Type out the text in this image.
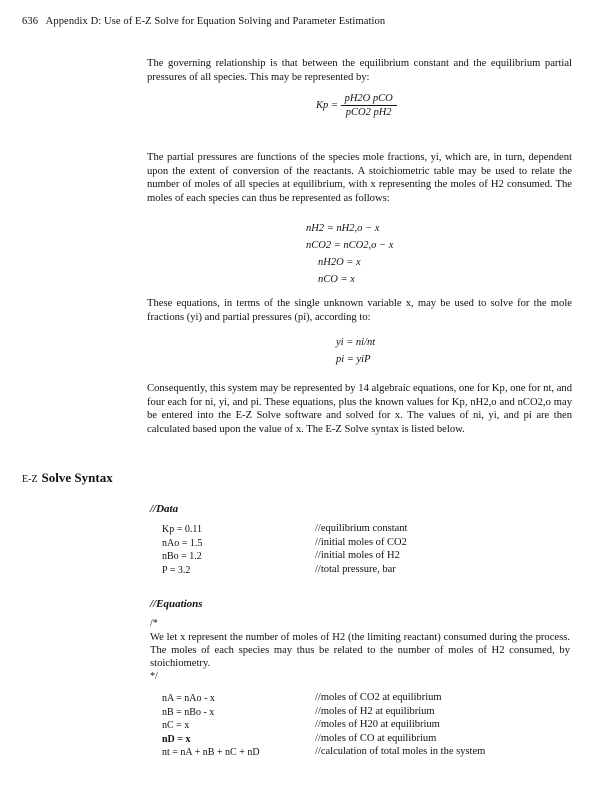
636 Appendix D: Use of E-Z Solve for Equation Solving and Parameter Estimation
The governing relationship is that between the equilibrium constant and the equilibrium partial pressures of all species. This may be represented by:
$Kp = \frac{\text{pH2O pCO}}{\text{pCO2 pH2}}$
The partial pressures are functions of the species mole fractions, yi, which are, in turn, dependent upon the extent of conversion of the reactants. A stoichiometric table may be used to relate the number of moles of all species at equilibrium, with x representing the moles of H2 consumed. The moles of each species can thus be represented as follows:
nH2 = nH2,o − x
nCO2 = nCO2,o − x
nH2O = x
nCO = x
These equations, in terms of the single unknown variable x, may be used to solve for the mole fractions (yi) and partial pressures (pi), according to:
yi = ni/nt
pi = yiP
Consequently, this system may be represented by 14 algebraic equations, one for Kp, one for nt, and four each for ni, yi, and pi. These equations, plus the known values for Kp, nH2,o and nCO2,o may be entered into the E-Z Solve software and solved for x. The values of ni, yi, and pi are then calculated based upon the value of x. The E-Z Solve syntax is listed below.
E-Z Solve Syntax
//Data
Kp = 0.11	//equilibrium constant
nAo = 1.5	//initial moles of CO2
nBo = 1.2	//initial moles of H2
P = 3.2	//total pressure, bar
//Equations
/*
We let x represent the number of moles of H2 (the limiting reactant) consumed during the process. The moles of each species may thus be related to the number of moles of H2 consumed, by stoichiometry.
*/
nA = nAo - x	//moles of CO2 at equilibrium
nB = nBo - x	//moles of H2 at equilibrium
nC = x	//moles of H20 at equilibrium
nD = x	//moles of CO at equilibrium
nt = nA + nB + nC + nD	//calculation of total moles in the system
